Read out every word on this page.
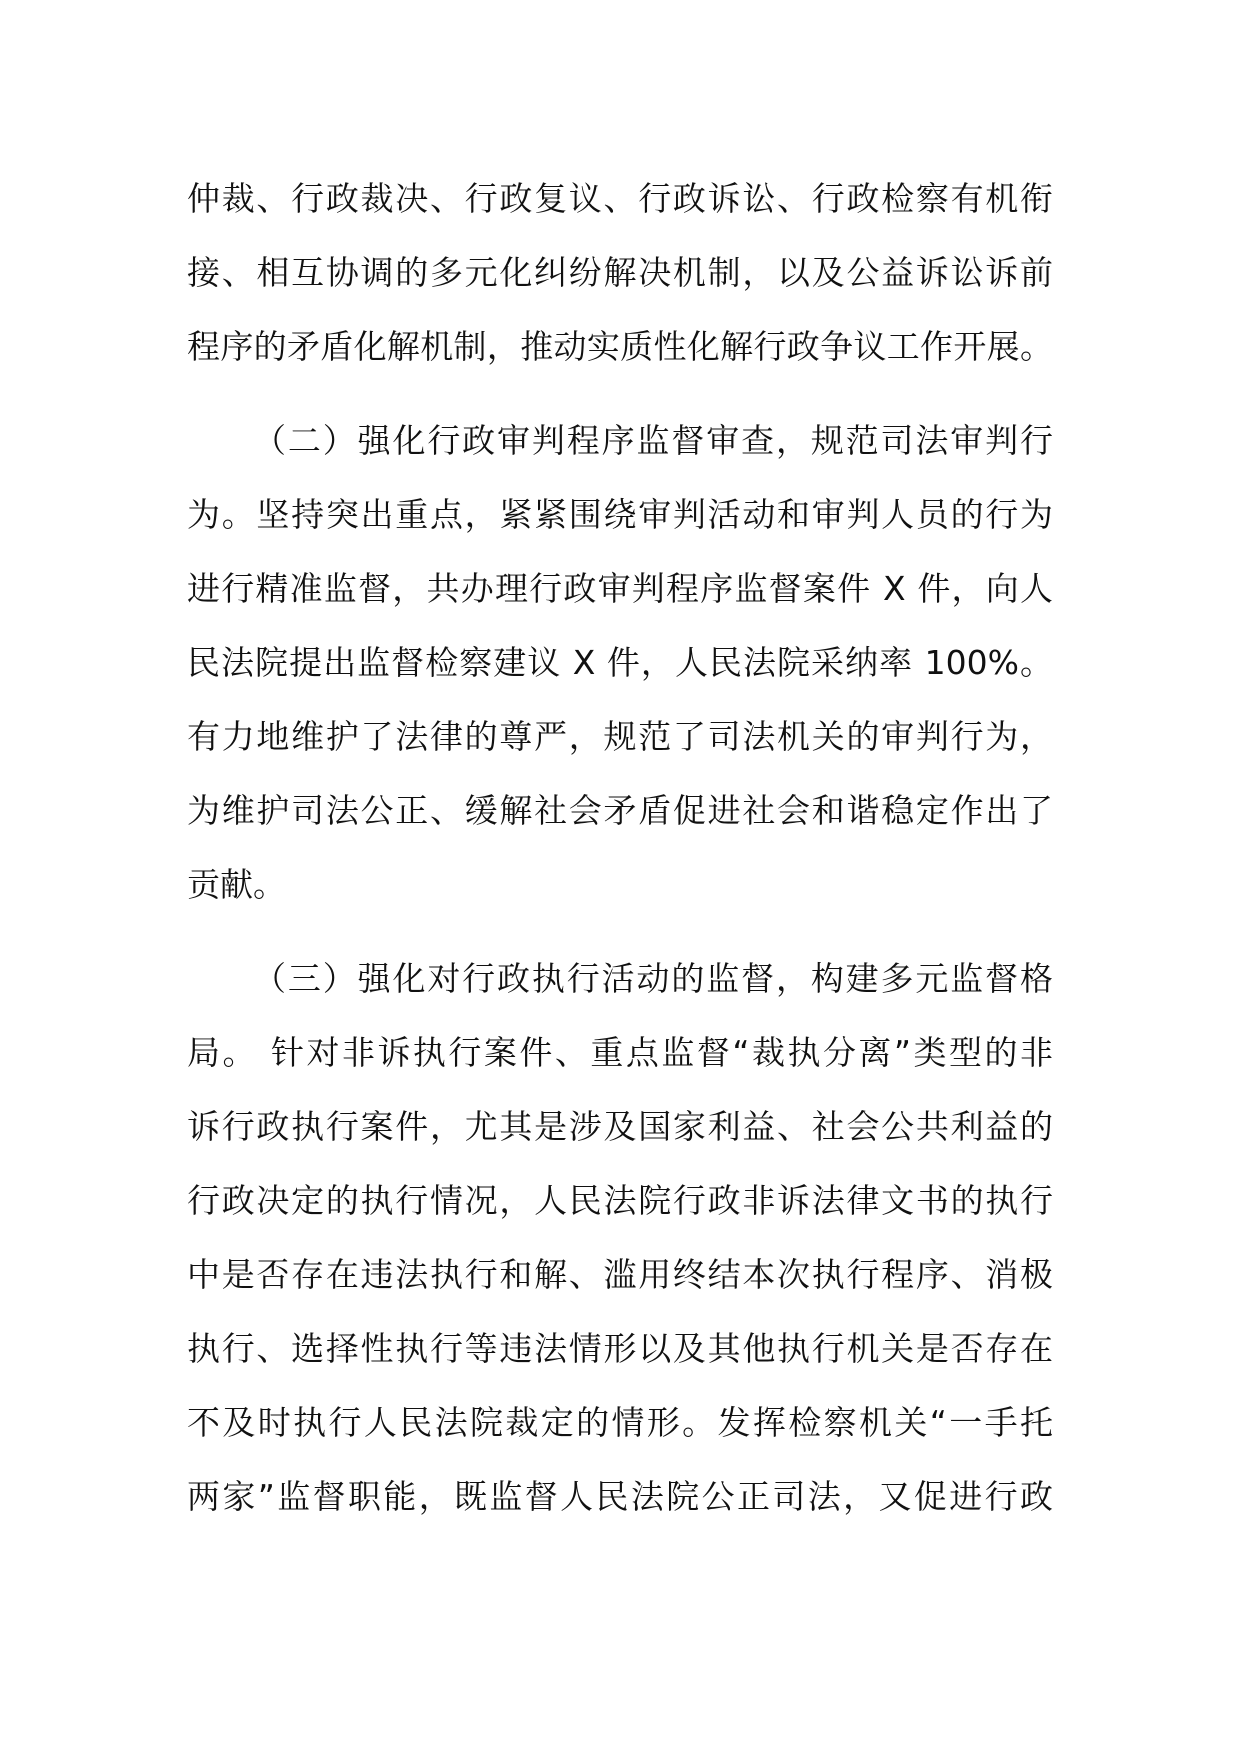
仲裁、行政裁决、行政复议、行政诉讼、行政检察有机衔
接、相互协调的多元化纠纷解决机制，以及公益诉讼诉前
程序的矛盾化解机制，推动实质性化解行政争议工作开展。
（二）强化行政审判程序监督审查，规范司法审判行
为。坚持突出重点，紧紧围绕审判活动和审判人员的行为
进行精准监督，共办理行政审判程序监督案件 X 件，向人
民法院提出监督检察建议 X 件，人民法院采纳率 100%。
有力地维护了法律的尊严，规范了司法机关的审判行为，
为维护司法公正、缓解社会矛盾促进社会和谐稳定作出了
贡献。
（三）强化对行政执行活动的监督，构建多元监督格
局。 针对非诉执行案件、重点监督“裁执分离”类型的非
诉行政执行案件，尤其是涉及国家利益、社会公共利益的
行政决定的执行情况，人民法院行政非诉法律文书的执行
中是否存在违法执行和解、滥用终结本次执行程序、消极
执行、选择性执行等违法情形以及其他执行机关是否存在
不及时执行人民法院裁定的情形。发挥检察机关“一手托
两家”监督职能，既监督人民法院公正司法，又促进行政
